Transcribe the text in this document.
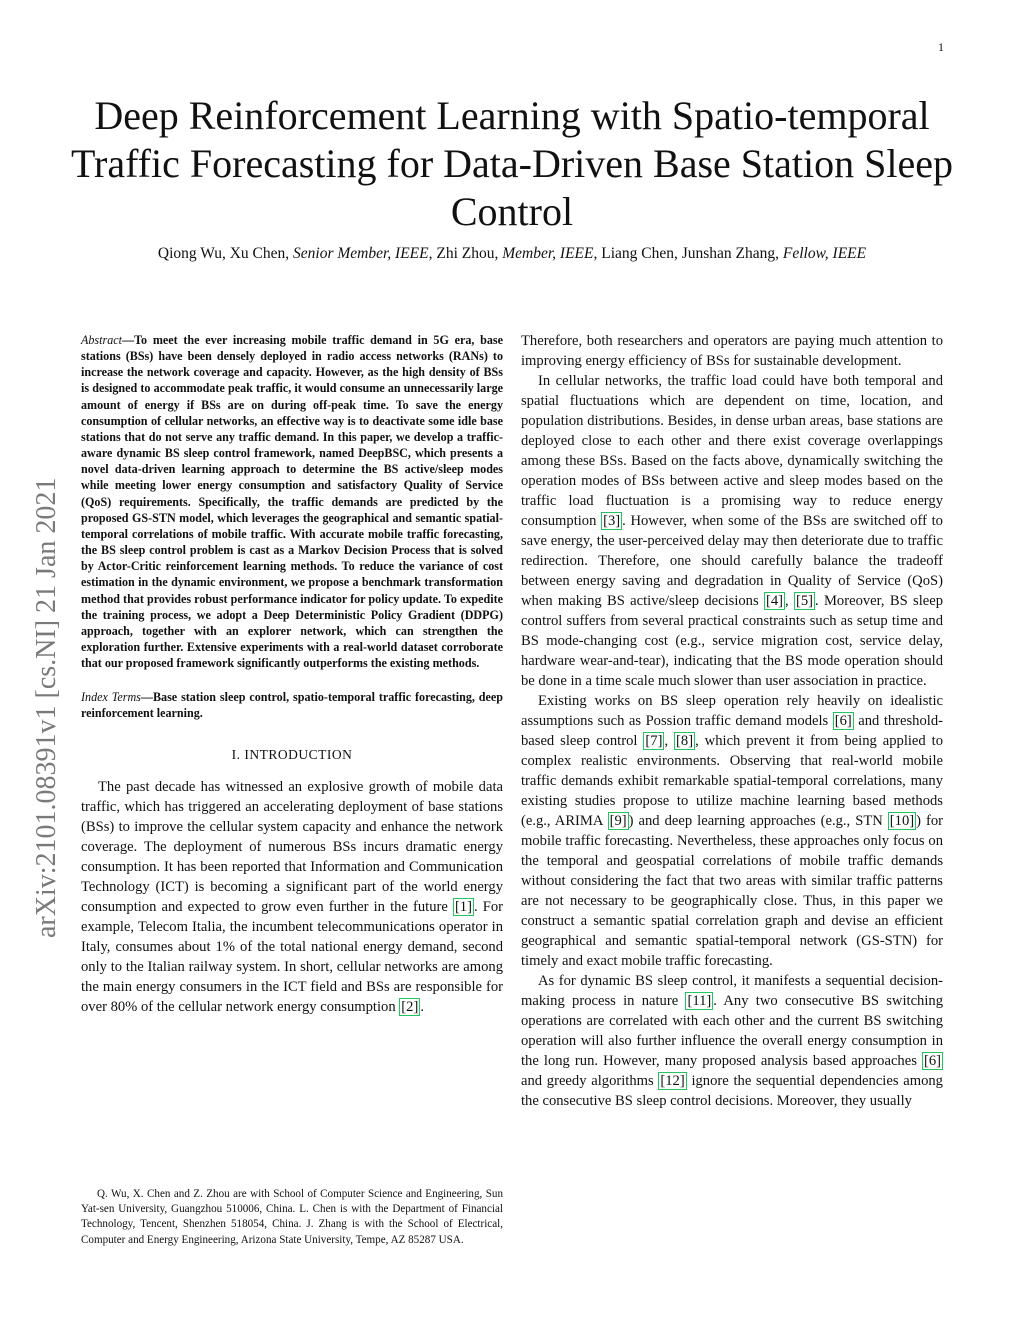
1
arXiv:2101.08391v1 [cs.NI] 21 Jan 2021
Deep Reinforcement Learning with Spatio-temporal Traffic Forecasting for Data-Driven Base Station Sleep Control
Qiong Wu, Xu Chen, Senior Member, IEEE, Zhi Zhou, Member, IEEE, Liang Chen, Junshan Zhang, Fellow, IEEE

Abstract—To meet the ever increasing mobile traffic demand in 5G era, base stations (BSs) have been densely deployed in radio access networks (RANs) to increase the network coverage and capacity. However, as the high density of BSs is designed to accommodate peak traffic, it would consume an unnecessarily large amount of energy if BSs are on during off-peak time. To save the energy consumption of cellular networks, an effective way is to deactivate some idle base stations that do not serve any traffic demand. In this paper, we develop a traffic-aware dynamic BS sleep control framework, named DeepBSC, which presents a novel data-driven learning approach to determine the BS active/sleep modes while meeting lower energy consumption and satisfactory Quality of Service (QoS) requirements. Specifically, the traffic demands are predicted by the proposed GS-STN model, which leverages the geographical and semantic spatial-temporal correlations of mobile traffic. With accurate mobile traffic forecasting, the BS sleep control problem is cast as a Markov Decision Process that is solved by Actor-Critic reinforcement learning methods. To reduce the variance of cost estimation in the dynamic environment, we propose a benchmark transformation method that provides robust performance indicator for policy update. To expedite the training process, we adopt a Deep Deterministic Policy Gradient (DDPG) approach, together with an explorer network, which can strengthen the exploration further. Extensive experiments with a real-world dataset corroborate that our proposed framework significantly outperforms the existing methods.

Index Terms—Base station sleep control, spatio-temporal traffic forecasting, deep reinforcement learning.

I. INTRODUCTION

The past decade has witnessed an explosive growth of mobile data traffic, which has triggered an accelerating deployment of base stations (BSs) to improve the cellular system capacity and enhance the network coverage. The deployment of numerous BSs incurs dramatic energy consumption. It has been reported that Information and Communication Technology (ICT) is becoming a significant part of the world energy consumption and expected to grow even further in the future [1] . For example, Telecom Italia, the incumbent telecommunications operator in Italy, consumes about 1% of the total national energy demand, second only to the Italian railway system. In short, cellular networks are among the main energy consumers in the ICT field and BSs are responsible for over 80% of the cellular network energy consumption [2] .

Therefore, both researchers and operators are paying much attention to improving energy efficiency of BSs for sustainable development.

In cellular networks, the traffic load could have both temporal and spatial fluctuations which are dependent on time, location, and population distributions. Besides, in dense urban areas, base stations are deployed close to each other and there exist coverage overlappings among these BSs. Based on the facts above, dynamically switching the operation modes of BSs between active and sleep modes based on the traffic load fluctuation is a promising way to reduce energy consumption [3] . However, when some of the BSs are switched off to save energy, the user-perceived delay may then deteriorate due to traffic redirection. Therefore, one should carefully balance the tradeoff between energy saving and degradation in Quality of Service (QoS) when making BS active/sleep decisions [4] , [5] . Moreover, BS sleep control suffers from several practical constraints such as setup time and BS mode-changing cost (e.g., service migration cost, service delay, hardware wear-and-tear), indicating that the BS mode operation should be done in a time scale much slower than user association in practice.

Existing works on BS sleep operation rely heavily on idealistic assumptions such as Possion traffic demand models [6] and threshold-based sleep control [7] , [8] , which prevent it from being applied to complex realistic environments. Observing that real-world mobile traffic demands exhibit remarkable spatial-temporal correlations, many existing studies propose to utilize machine learning based methods (e.g., ARIMA [9] ) and deep learning approaches (e.g., STN [10] ) for mobile traffic forecasting. Nevertheless, these approaches only focus on the temporal and geospatial correlations of mobile traffic demands without considering the fact that two areas with similar traffic patterns are not necessary to be geographically close. Thus, in this paper we construct a semantic spatial correlation graph and devise an efficient geographical and semantic spatial-temporal network (GS-STN) for timely and exact mobile traffic forecasting.

As for dynamic BS sleep control, it manifests a sequential decision-making process in nature [11] . Any two consecutive BS switching operations are correlated with each other and the current BS switching operation will also further influence the overall energy consumption in the long run. However, many proposed analysis based approaches [6] and greedy algorithms [12] ignore the sequential dependencies among the consecutive BS sleep control decisions. Moreover, they usually

Q. Wu, X. Chen and Z. Zhou are with School of Computer Science and Engineering, Sun Yat-sen University, Guangzhou 510006, China. L. Chen is with the Department of Financial Technology, Tencent, Shenzhen 518054, China. J. Zhang is with the School of Electrical, Computer and Energy Engineering, Arizona State University, Tempe, AZ 85287 USA.
